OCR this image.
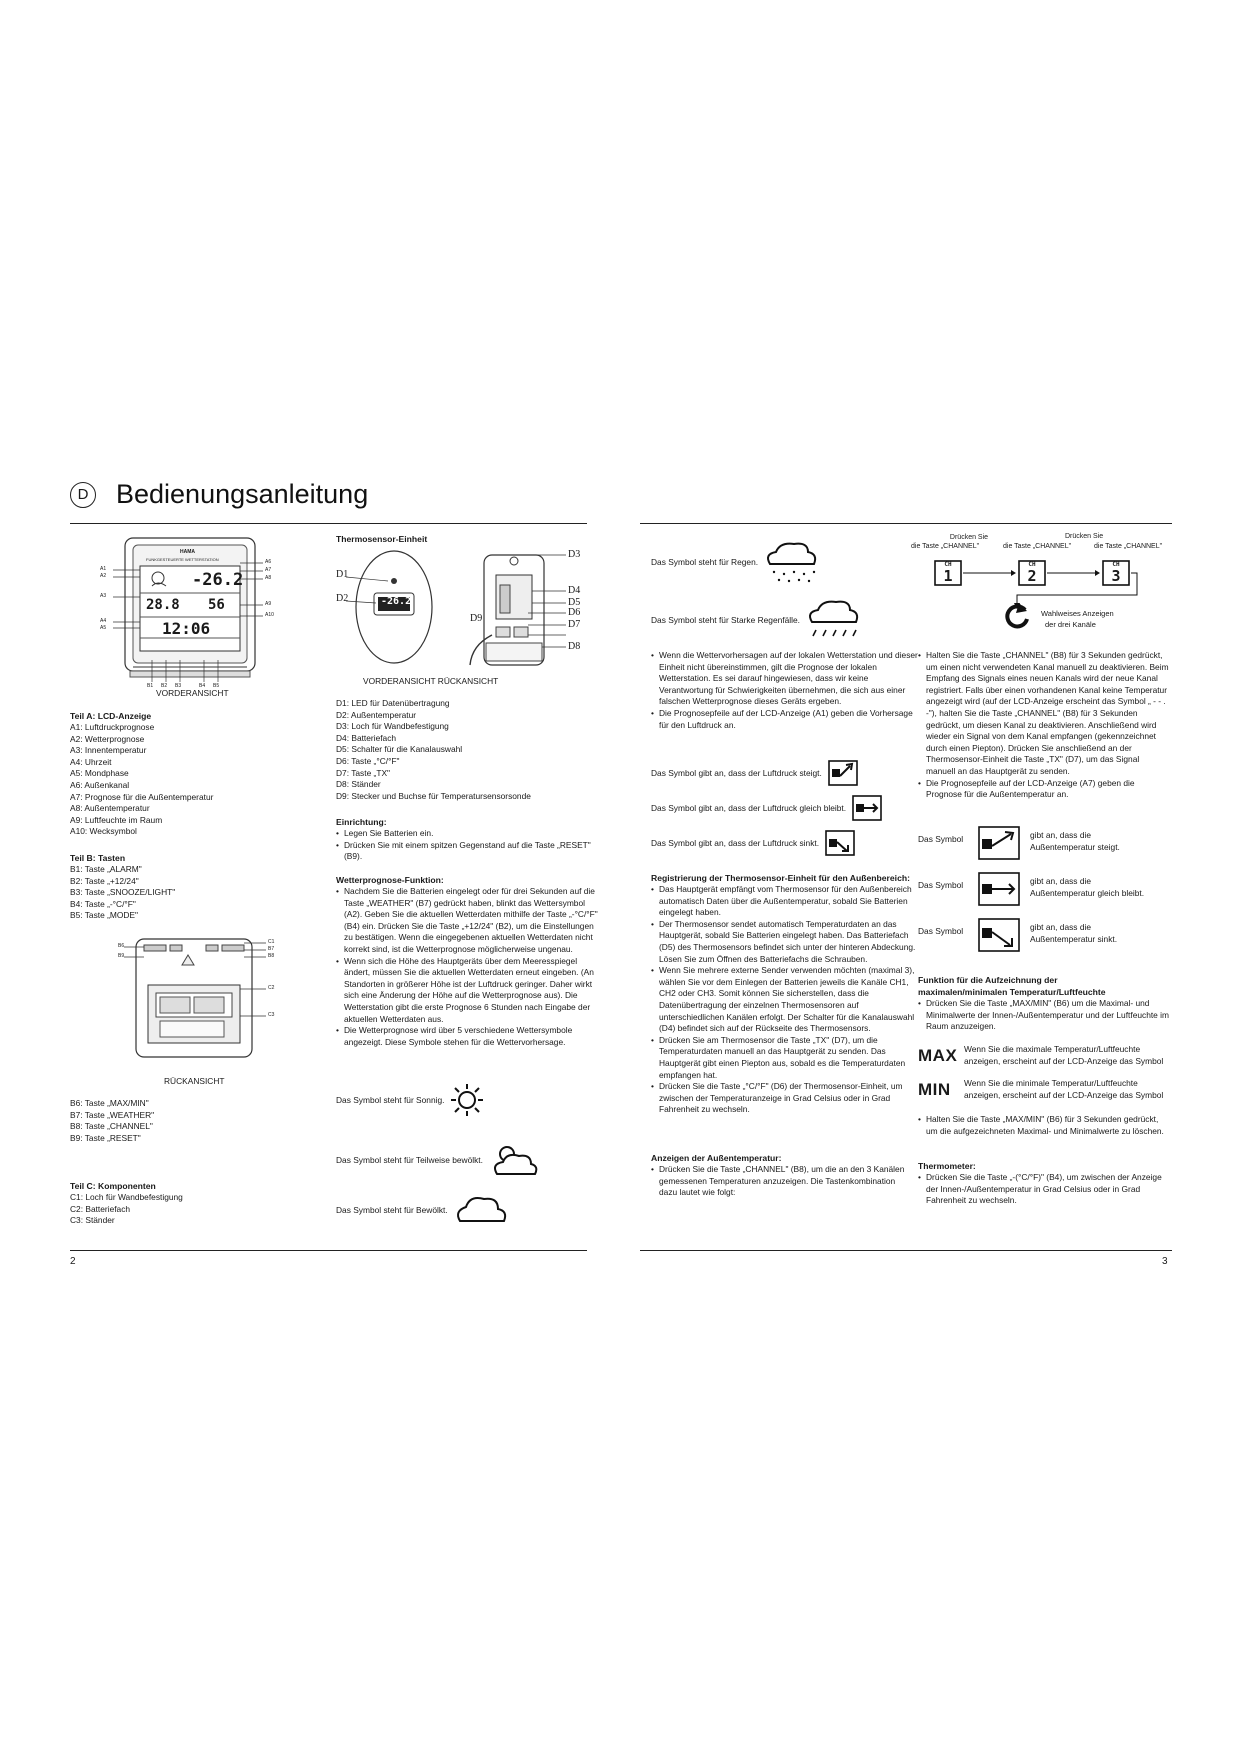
D Bedienungsanleitung
-26.2
28.8 56
12:06
HAMA
FUNKGESTEUERTE WETTERSTATION
A1
A2
A3
A4
A5
A6
A7
A8
A9
A10
B1 B2 B3	B4 B5
VORDERANSICHT

Teil A: LCD-Anzeige

A1: Luftdruckprognose
A2: Wetterprognose
A3: Innentemperatur
A4: Uhrzeit
A5: Mondphase
A6: Außenkanal
A7: Prognose für die Außentemperatur
A8: Außentemperatur
A9: Luftfeuchte im Raum
A10: Wecksymbol

Teil B: Tasten

B1: Taste „ALARM"
B2: Taste „+12/24"
B3: Taste „SNOOZE/LIGHT"
B4: Taste „-°C/°F"
B5: Taste „MODE"
B6
B9
C1
B7
B8
C2
C3
RÜCKANSICHT
B6: Taste „MAX/MIN"
B7: Taste „WEATHER"
B8: Taste „CHANNEL"
B9: Taste „RESET"

Teil C: Komponenten

C1: Loch für Wandbefestigung
C2: Batteriefach
C3: Ständer

Thermosensor-Einheit

-26.2
D1
D2
D3
D4
D5
D6
D7
D8
D9
VORDERANSICHT RÜCKANSICHT
D1: LED für Datenübertragung
D2: Außentemperatur
D3: Loch für Wandbefestigung
D4: Batteriefach
D5: Schalter für die Kanalauswahl
D6: Taste „°C/°F"
D7: Taste „TX"
D8: Ständer
D9: Stecker und Buchse für Temperatursensorsonde

Einrichtung:

• Legen Sie Batterien ein.
• Drücken Sie mit einem spitzen Gegenstand auf die Taste „RESET" (B9).

Wetterprognose-Funktion:

• Nachdem Sie die Batterien eingelegt oder für drei Sekunden auf die Taste „WEATHER" (B7) gedrückt haben, blinkt das Wettersymbol (A2). Geben Sie die aktuellen Wetterdaten mithilfe der Taste „-°C/°F" (B4) ein. Drücken Sie die Taste „+12/24" (B2), um die Einstellungen zu bestätigen. Wenn die eingegebenen aktuellen Wetterdaten nicht korrekt sind, ist die Wetterprognose möglicherweise ungenau.
• Wenn sich die Höhe des Hauptgeräts über dem Meeresspiegel ändert, müssen Sie die aktuellen Wetterdaten erneut eingeben. (An Standorten in größerer Höhe ist der Luftdruck geringer. Daher wirkt sich eine Änderung der Höhe auf die Wetterprognose aus). Die Wetterstation gibt die erste Prognose 6 Stunden nach Eingabe der aktuellen Wetterdaten aus.
• Die Wetterprognose wird über 5 verschiedene Wettersymbole angezeigt. Diese Symbole stehen für die Wettervorhersage.
Das Symbol steht für Sonnig.
Das Symbol steht für Teilweise bewölkt.
Das Symbol steht für Bewölkt.
2
Das Symbol steht für Regen.
Das Symbol steht für Starke Regenfälle.
• Wenn die Wettervorhersagen auf der lokalen Wetterstation und dieser Einheit nicht übereinstimmen, gilt die Prognose der lokalen Wetterstation. Es sei darauf hingewiesen, dass wir keine Verantwortung für Schwierigkeiten übernehmen, die sich aus einer falschen Wetterprognose dieses Geräts ergeben.
• Die Prognosepfeile auf der LCD-Anzeige (A1) geben die Vorhersage für den Luftdruck an.
Das Symbol gibt an, dass der Luftdruck steigt.
Das Symbol gibt an, dass der Luftdruck gleich bleibt.
Das Symbol gibt an, dass der Luftdruck sinkt.

Registrierung der Thermosensor-Einheit für den Außenbereich:

• Das Hauptgerät empfängt vom Thermosensor für den Außenbereich automatisch Daten über die Außentemperatur, sobald Sie Batterien eingelegt haben.
• Der Thermosensor sendet automatisch Temperaturdaten an das Hauptgerät, sobald Sie Batterien eingelegt haben. Das Batteriefach (D5) des Thermosensors befindet sich unter der hinteren Abdeckung. Lösen Sie zum Öffnen des Batteriefachs die Schrauben.
• Wenn Sie mehrere externe Sender verwenden möchten (maximal 3), wählen Sie vor dem Einlegen der Batterien jeweils die Kanäle CH1, CH2 oder CH3. Somit können Sie sicherstellen, dass die Datenübertragung der einzelnen Thermosensoren auf unterschiedlichen Kanälen erfolgt. Der Schalter für die Kanalauswahl (D4) befindet sich auf der Rückseite des Thermosensors.
• Drücken Sie am Thermosensor die Taste „TX" (D7), um die Temperaturdaten manuell an das Hauptgerät zu senden. Das Hauptgerät gibt einen Piepton aus, sobald es die Temperaturdaten empfangen hat.
• Drücken Sie die Taste „°C/°F" (D6) der Thermosensor-Einheit, um zwischen der Temperaturanzeige in Grad Celsius oder in Grad Fahrenheit zu wechseln.

Anzeigen der Außentemperatur:

• Drücken Sie die Taste „CHANNEL" (B8), um die an den 3 Kanälen gemessenen Temperaturen anzuzeigen. Die Tastenkombination dazu lautet wie folgt:
Drücken Sie
die Taste „CHANNEL"	die Taste „CHANNEL"
Drücken Sie
die Taste „CHANNEL"
CH
1
CH
2
CH
3
Wahlweises Anzeigen
der drei Kanäle
• Halten Sie die Taste „CHANNEL" (B8) für 3 Sekunden gedrückt, um einen nicht verwendeten Kanal manuell zu deaktivieren. Beim Empfang des Signals eines neuen Kanals wird der neue Kanal registriert. Falls über einen vorhandenen Kanal keine Temperatur angezeigt wird (auf der LCD-Anzeige erscheint das Symbol „ - - . -"), halten Sie die Taste „CHANNEL" (B8) für 3 Sekunden gedrückt, um diesen Kanal zu deaktivieren. Anschließend wird wieder ein Signal von dem Kanal empfangen (gekennzeichnet durch einen Piepton). Drücken Sie anschließend an der Thermosensor-Einheit die Taste „TX" (D7), um das Signal manuell an das Hauptgerät zu senden.
• Die Prognosepfeile auf der LCD-Anzeige (A7) geben die Prognose für die Außentemperatur an.
Das Symbol	gibt an, dass die
Außentemperatur steigt.
Das Symbol	gibt an, dass die
Außentemperatur gleich bleibt.
Das Symbol	gibt an, dass die
Außentemperatur sinkt.

Funktion für die Aufzeichnung der maximalen/minimalen Temperatur/Luftfeuchte

• Drücken Sie die Taste „MAX/MIN" (B6) um die Maximal- und Minimalwerte der Innen-/Außentemperatur und der Luftfeuchte im Raum anzuzeigen.
MAX Wenn Sie die maximale Temperatur/Luftfeuchte anzeigen, erscheint auf der LCD-Anzeige das Symbol
MIN Wenn Sie die minimale Temperatur/Luftfeuchte anzeigen, erscheint auf der LCD-Anzeige das Symbol
• Halten Sie die Taste „MAX/MIN" (B6) für 3 Sekunden gedrückt, um die aufgezeichneten Maximal- und Minimalwerte zu löschen.

Thermometer:

• Drücken Sie die Taste „-(°C/°F)" (B4), um zwischen der Anzeige der Innen-/Außentemperatur in Grad Celsius oder in Grad Fahrenheit zu wechseln.
3
